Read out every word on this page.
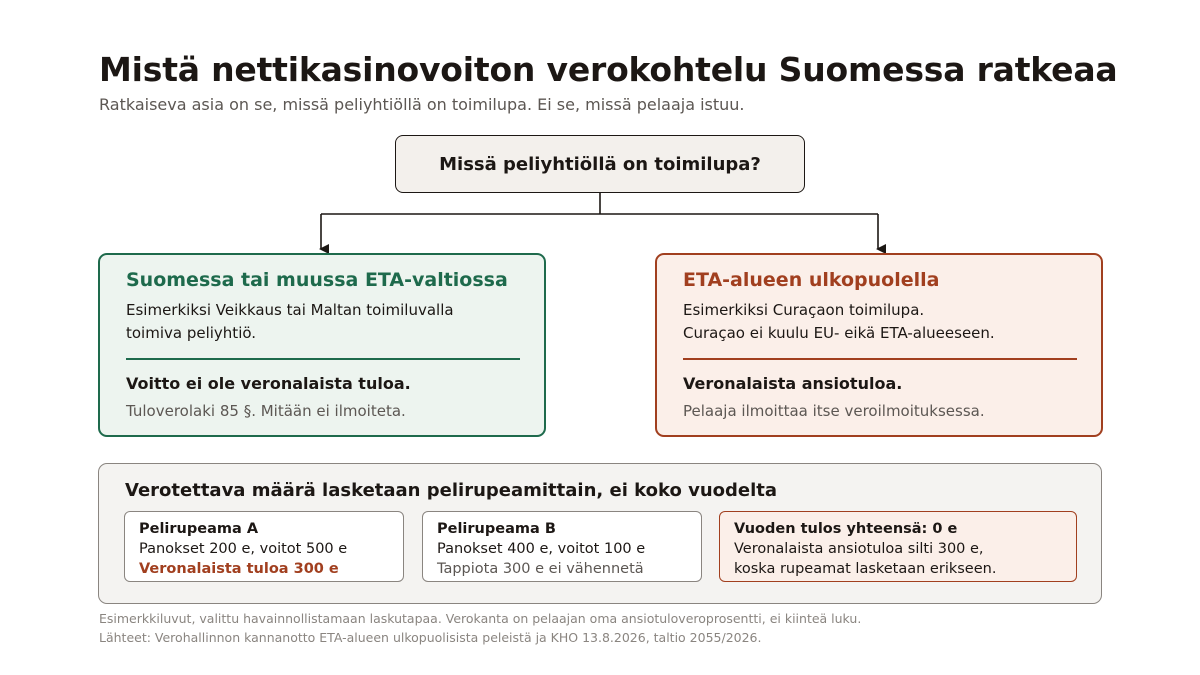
Mistä nettikasinovoiton verokohtelu Suomessa ratkeaa
Ratkaiseva asia on se, missä peliyhtiöllä on toimilupa. Ei se, missä pelaaja istuu.
Missä peliyhtiöllä on toimilupa?
Suomessa tai muussa ETA-valtiossa
Esimerkiksi Veikkaus tai Maltan toimiluvalla
toimiva peliyhtiö.
Voitto ei ole veronalaista tuloa.
Tuloverolaki 85 §. Mitään ei ilmoiteta.
ETA-alueen ulkopuolella
Esimerkiksi Curaçaon toimilupa.
Curaçao ei kuulu EU- eikä ETA-alueeseen.
Veronalaista ansiotuloa.
Pelaaja ilmoittaa itse veroilmoituksessa.
Verotettava määrä lasketaan pelirupeamittain, ei koko vuodelta
Pelirupeama A
Panokset 200 e, voitot 500 e
Veronalaista tuloa 300 e
Pelirupeama B
Panokset 400 e, voitot 100 e
Tappiota 300 e ei vähennetä
Vuoden tulos yhteensä: 0 e
Veronalaista ansiotuloa silti 300 e,
koska rupeamat lasketaan erikseen.
Esimerkkiluvut, valittu havainnollistamaan laskutapaa. Verokanta on pelaajan oma ansiotuloveroprosentti, ei kiinteä luku.
Lähteet: Verohallinnon kannanotto ETA-alueen ulkopuolisista peleistä ja KHO 13.8.2026, taltio 2055/2026.
